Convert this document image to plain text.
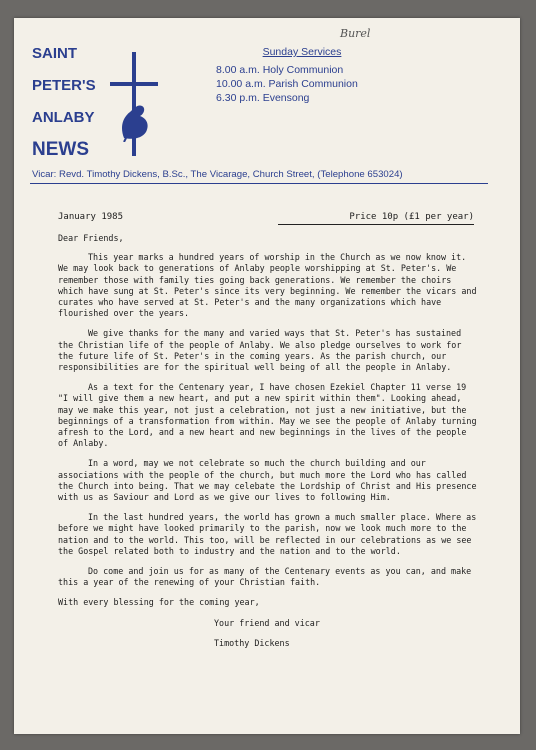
Burel
SAINT
PETER'S
ANLABY
NEWS
Sunday Services
8.00 a.m. Holy Communion
10.00 a.m. Parish Communion
6.30 p.m. Evensong
Vicar: Revd. Timothy Dickens, B.Sc., The Vicarage, Church Street, (Telephone 653024)
January 1985	Price 10p (£1 per year)

Dear Friends,

This year marks a hundred years of worship in the Church as we now know it. We may look back to generations of Anlaby people worshipping at St. Peter's. We remember those with family ties going back generations. We remember the choirs which have sung at St. Peter's since its very beginning. We remember the vicars and curates who have served at St. Peter's and the many organizations which have flourished over the years.

We give thanks for the many and varied ways that St. Peter's has sustained the Christian life of the people of Anlaby. We also pledge ourselves to work for the future life of St. Peter's in the coming years. As the parish church, our responsibilities are for the spiritual well being of all the people in Anlaby.

As a text for the Centenary year, I have chosen Ezekiel Chapter 11 verse 19 "I will give them a new heart, and put a new spirit within them". Looking ahead, may we make this year, not just a celebration, not just a new initiative, but the beginnings of a transformation from within. May we see the people of Anlaby turning afresh to the Lord, and a new heart and new beginnings in the lives of the people of Anlaby.

In a word, may we not celebrate so much the church building and our associations with the people of the church, but much more the Lord who has called the Church into being. That we may celebate the Lordship of Christ and His presence with us as Saviour and Lord as we give our lives to following Him.

In the last hundred years, the world has grown a much smaller place. Where as before we might have looked primarily to the parish, now we look much more to the nation and to the world. This too, will be reflected in our celebrations as we see the Gospel related both to industry and the nation and to the world.

Do come and join us for as many of the Centenary events as you can, and make this a year of the renewing of your Christian faith.

With every blessing for the coming year,

Your friend and vicar

Timothy Dickens
